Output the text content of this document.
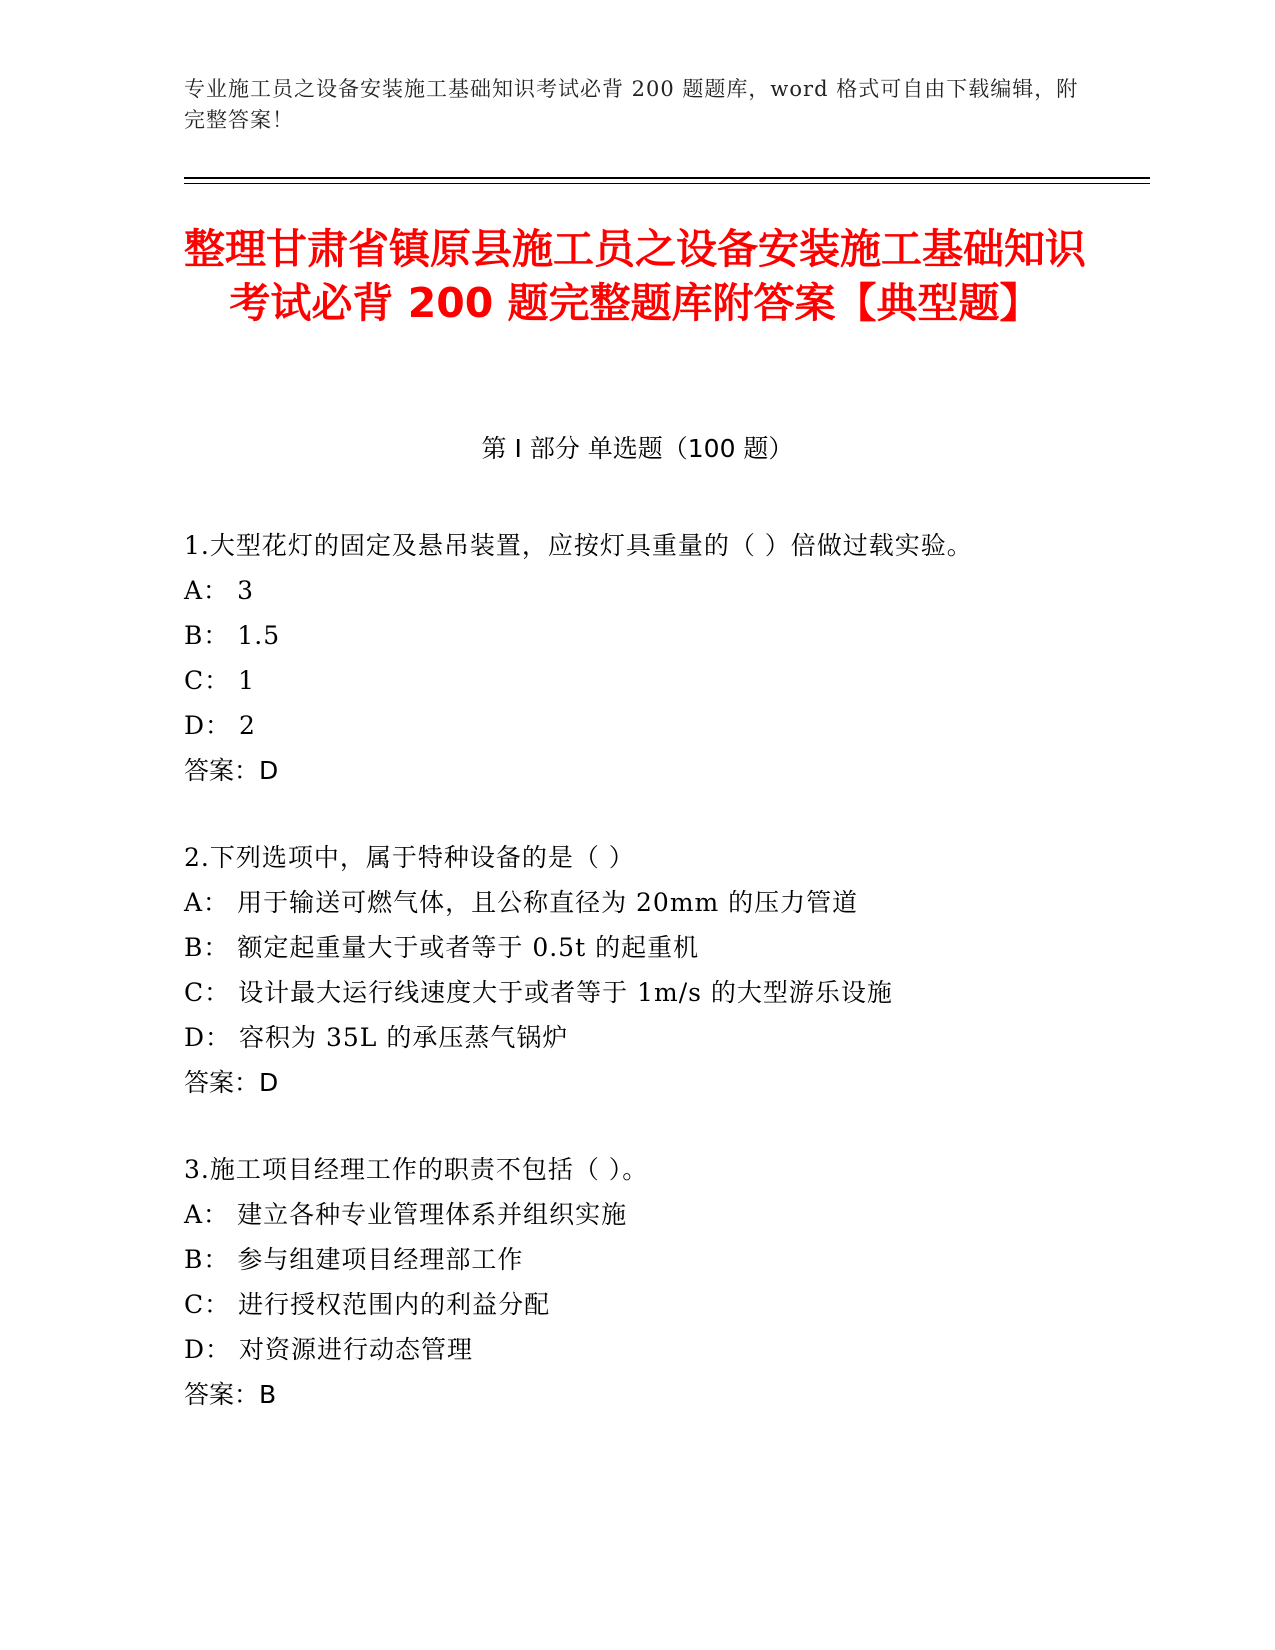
专业施工员之设备安装施工基础知识考试必背 200 题题库，word 格式可自由下载编辑，附完整答案！
整理甘肃省镇原县施工员之设备安装施工基础知识考试必背 200 题完整题库附答案【典型题】
第 I 部分 单选题（100 题）
1.大型花灯的固定及悬吊装置，应按灯具重量的（ ）倍做过载实验。
A： 3
B： 1.5
C： 1
D： 2
答案：D
2.下列选项中，属于特种设备的是（ ）
A： 用于输送可燃气体，且公称直径为 20mm 的压力管道
B： 额定起重量大于或者等于 0.5t 的起重机
C： 设计最大运行线速度大于或者等于 1m/s 的大型游乐设施
D： 容积为 35L 的承压蒸气锅炉
答案：D
3.施工项目经理工作的职责不包括（ ）。
A： 建立各种专业管理体系并组织实施
B： 参与组建项目经理部工作
C： 进行授权范围内的利益分配
D： 对资源进行动态管理
答案：B
